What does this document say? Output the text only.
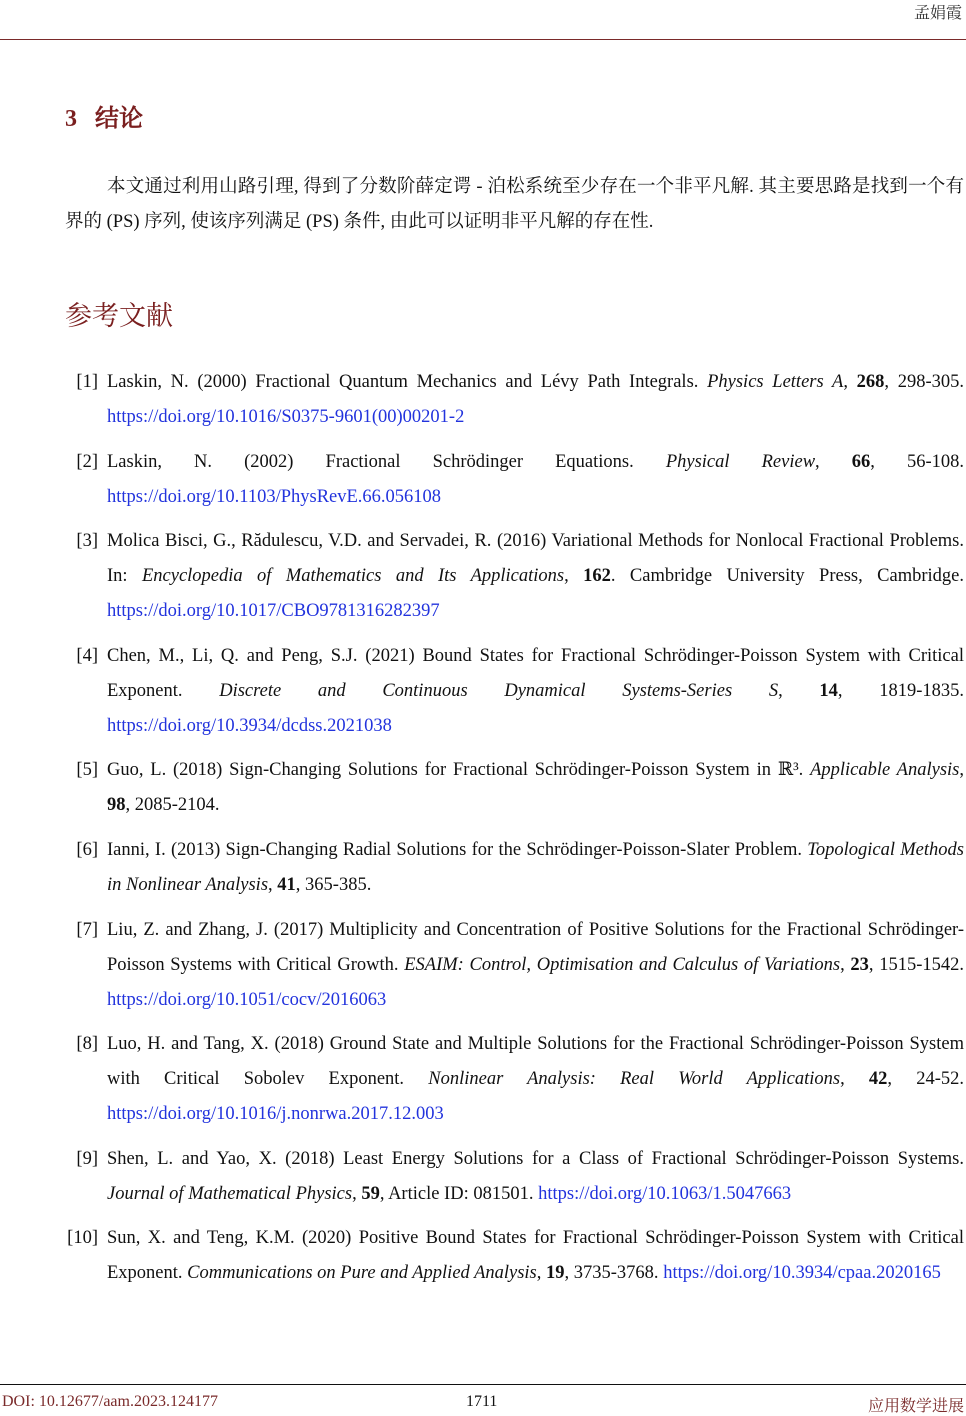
孟娟霞
3 结论
本文通过利用山路引理, 得到了分数阶薛定谔 - 泊松系统至少存在一个非平凡解. 其主要思路是找到一个有界的 (PS) 序列, 使该序列满足 (PS) 条件, 由此可以证明非平凡解的存在性.
参考文献
[1] Laskin, N. (2000) Fractional Quantum Mechanics and Lévy Path Integrals. Physics Letters A, 268, 298-305. https://doi.org/10.1016/S0375-9601(00)00201-2
[2] Laskin, N. (2002) Fractional Schrödinger Equations. Physical Review, 66, 56-108. https://doi.org/10.1103/PhysRevE.66.056108
[3] Molica Bisci, G., Rădulescu, V.D. and Servadei, R. (2016) Variational Methods for Nonlocal Fractional Problems. In: Encyclopedia of Mathematics and Its Applications, 162. Cambridge University Press, Cambridge. https://doi.org/10.1017/CBO9781316282397
[4] Chen, M., Li, Q. and Peng, S.J. (2021) Bound States for Fractional Schrödinger-Poisson System with Critical Exponent. Discrete and Continuous Dynamical Systems-Series S, 14, 1819-1835. https://doi.org/10.3934/dcdss.2021038
[5] Guo, L. (2018) Sign-Changing Solutions for Fractional Schrödinger-Poisson System in ℝ³. Applicable Analysis, 98, 2085-2104.
[6] Ianni, I. (2013) Sign-Changing Radial Solutions for the Schrödinger-Poisson-Slater Problem. Topological Methods in Nonlinear Analysis, 41, 365-385.
[7] Liu, Z. and Zhang, J. (2017) Multiplicity and Concentration of Positive Solutions for the Fractional Schrödinger-Poisson Systems with Critical Growth. ESAIM: Control, Optimisation and Calculus of Variations, 23, 1515-1542. https://doi.org/10.1051/cocv/2016063
[8] Luo, H. and Tang, X. (2018) Ground State and Multiple Solutions for the Fractional Schrödinger-Poisson System with Critical Sobolev Exponent. Nonlinear Analysis: Real World Applications, 42, 24-52. https://doi.org/10.1016/j.nonrwa.2017.12.003
[9] Shen, L. and Yao, X. (2018) Least Energy Solutions for a Class of Fractional Schrödinger-Poisson Systems. Journal of Mathematical Physics, 59, Article ID: 081501. https://doi.org/10.1063/1.5047663
[10] Sun, X. and Teng, K.M. (2020) Positive Bound States for Fractional Schrödinger-Poisson System with Critical Exponent. Communications on Pure and Applied Analysis, 19, 3735-3768. https://doi.org/10.3934/cpaa.2020165
DOI: 10.12677/aam.2023.124177	1711	应用数学进展
